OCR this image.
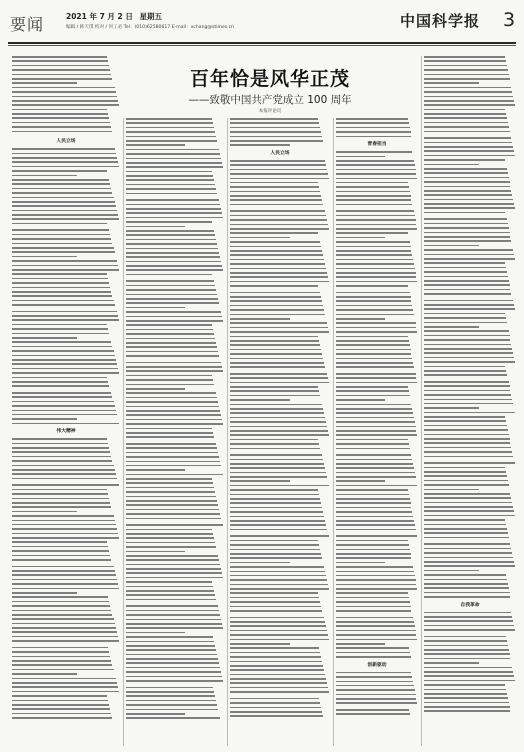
要闻	2021 年 7 月 2 日 星期五
编辑 / 韩天琪 校对 / 何工必 Tel：(010)62580617 E-mail：xchang@stimes.cn	中国科学报 3
百年恰是风华正茂
——致敬中国共产党成立 100 周年
本报评论员
人民立场
伟大精神
人民立场
青春担当
创新驱动
自我革命
